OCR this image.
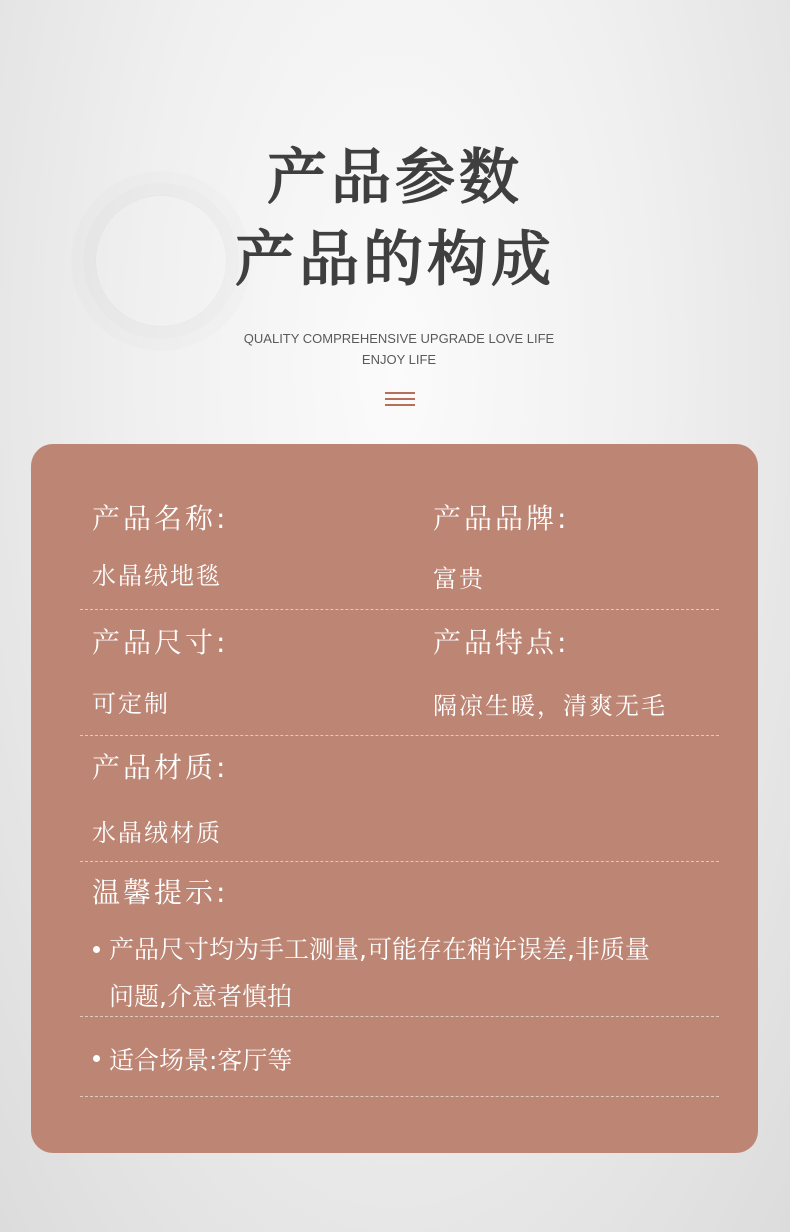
产品参数
产品的构成
QUALITY COMPREHENSIVE UPGRADE LOVE LIFE
ENJOY LIFE
产品名称:	产品品牌:
水晶绒地毯	富贵
产品尺寸:	产品特点:
可定制	隔凉生暖，清爽无毛
产品材质:
水晶绒材质
温馨提示:
产品尺寸均为手工测量,可能存在稍许误差,非质量
问题,介意者慎拍
适合场景:客厅等
